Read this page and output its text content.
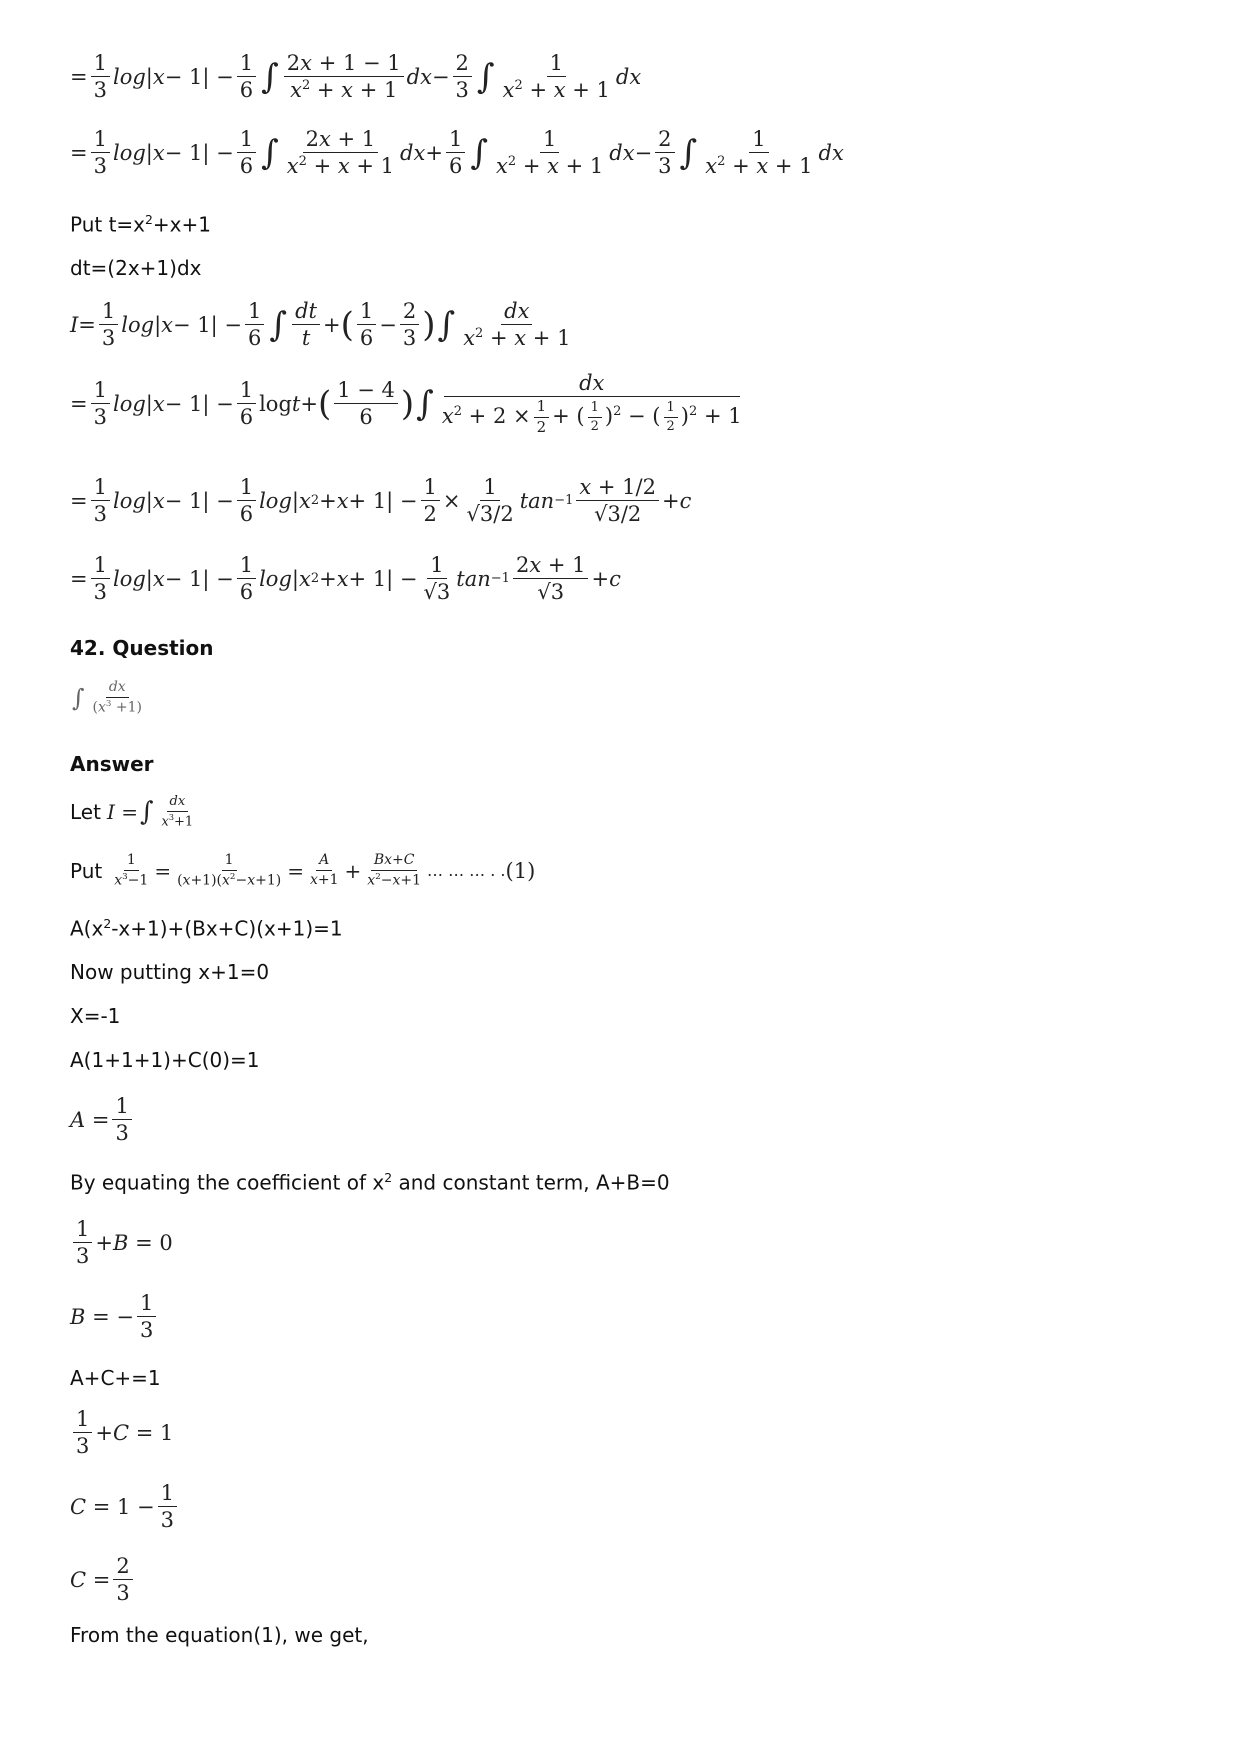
=
1
3
log | x − 1| −
1
6 ∫ 2x + 1 − 1
$x^2 + x + 1$
dx −
2
3 ∫	1
$x^2 + x + 1$
dx
=
1
3
log | x − 1| −
1
6 ∫ 2x + 1
$x^2 + x + 1$
dx +
1
6 ∫	1
$x^2 + x + 1$
dx −
2
3 ∫	1
$x^2 + x + 1$
dx
Put $t=x^2+x+1$
dt=(2x+1)dx
I =
1
3
log | x − 1| −
1
6 ∫ dt
t
+ ( 1
6
−
2
3 ) ∫ dx
$x^2 + x + 1$
=
1
3
log | x − 1| −
1
6
log t + ( 1 − 4
6 ) ∫
dx
$x^2 + 2 \times \frac{1}{2}$ + ( $\frac{1}{2} )^2$ − ( $\frac{1}{2} )^2 + 1$
=
1
3
log | x − 1| −
1
6
log | x 2 + x + 1| −
1
2
×
1
√3/2
tan −1
x + 1/2
√3/2
+ c
=
1
3
log | x − 1| −
1
6
log | x 2 + x + 1| −
1
√3
tan −1
2x + 1
√3
+ c
42. Question
∫ dx
$(x^3 +1)$
Answer
Let I = ∫ dx
$x^3+1$
Put $\frac{1}{x^3-1} = \frac{1}{(x+1)(x^2-x+1)} = \frac{A}{x+1} + \frac{Bx+C}{x^2-x+1}$ … … … . . (1)
$A(x^2-x+1)+(Bx+C)(x+1)=1$
Now putting x+1=0
X=-1
A(1+1+1)+C(0)=1
A =
1
3
By equating the coefficient of $x^2$ and constant term, A+B=0
1
3
+ B = 0
B = −
1
3
A+C+=1
1
3
+ C = 1
C = 1 −
1
3
C =
2
3
From the equation(1), we get,
